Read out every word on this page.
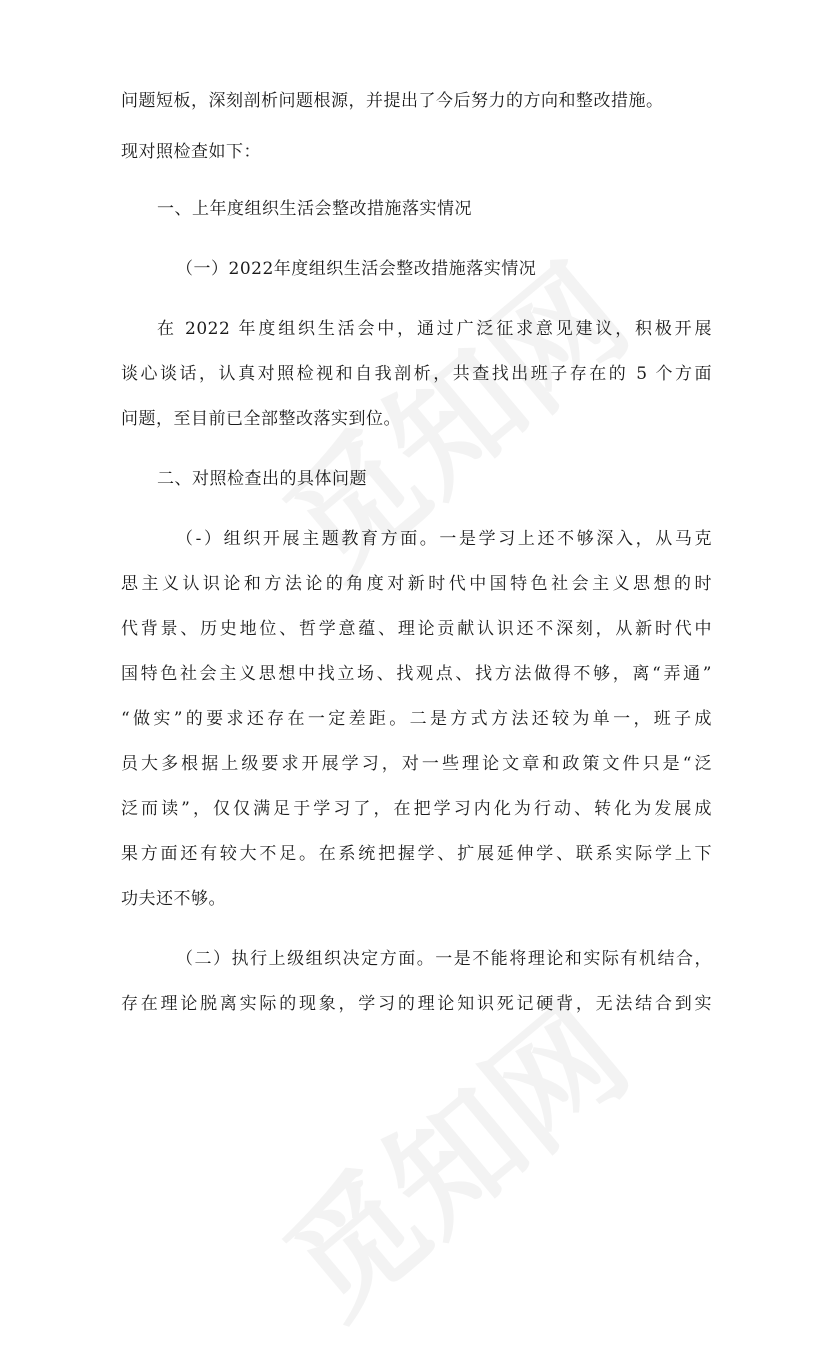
问题短板，深刻剖析问题根源，并提出了今后努力的方向和整改措施。
现对照检查如下：
一、上年度组织生活会整改措施落实情况
（一）2022年度组织生活会整改措施落实情况
在 2022 年度组织生活会中，通过广泛征求意见建议，积极开展
谈心谈话，认真对照检视和自我剖析，共查找出班子存在的 5 个方面
问题，至目前已全部整改落实到位。
二、对照检查出的具体问题
（-）组织开展主题教育方面。一是学习上还不够深入，从马克
思主义认识论和方法论的角度对新时代中国特色社会主义思想的时
代背景、历史地位、哲学意蕴、理论贡献认识还不深刻，从新时代中
国特色社会主义思想中找立场、找观点、找方法做得不够，离“弄通”
“做实”的要求还存在一定差距。二是方式方法还较为单一，班子成
员大多根据上级要求开展学习，对一些理论文章和政策文件只是“泛
泛而读”，仅仅满足于学习了，在把学习内化为行动、转化为发展成
果方面还有较大不足。在系统把握学、扩展延伸学、联系实际学上下
功夫还不够。
（二）执行上级组织决定方面。一是不能将理论和实际有机结合，
存在理论脱离实际的现象，学习的理论知识死记硬背，无法结合到实
